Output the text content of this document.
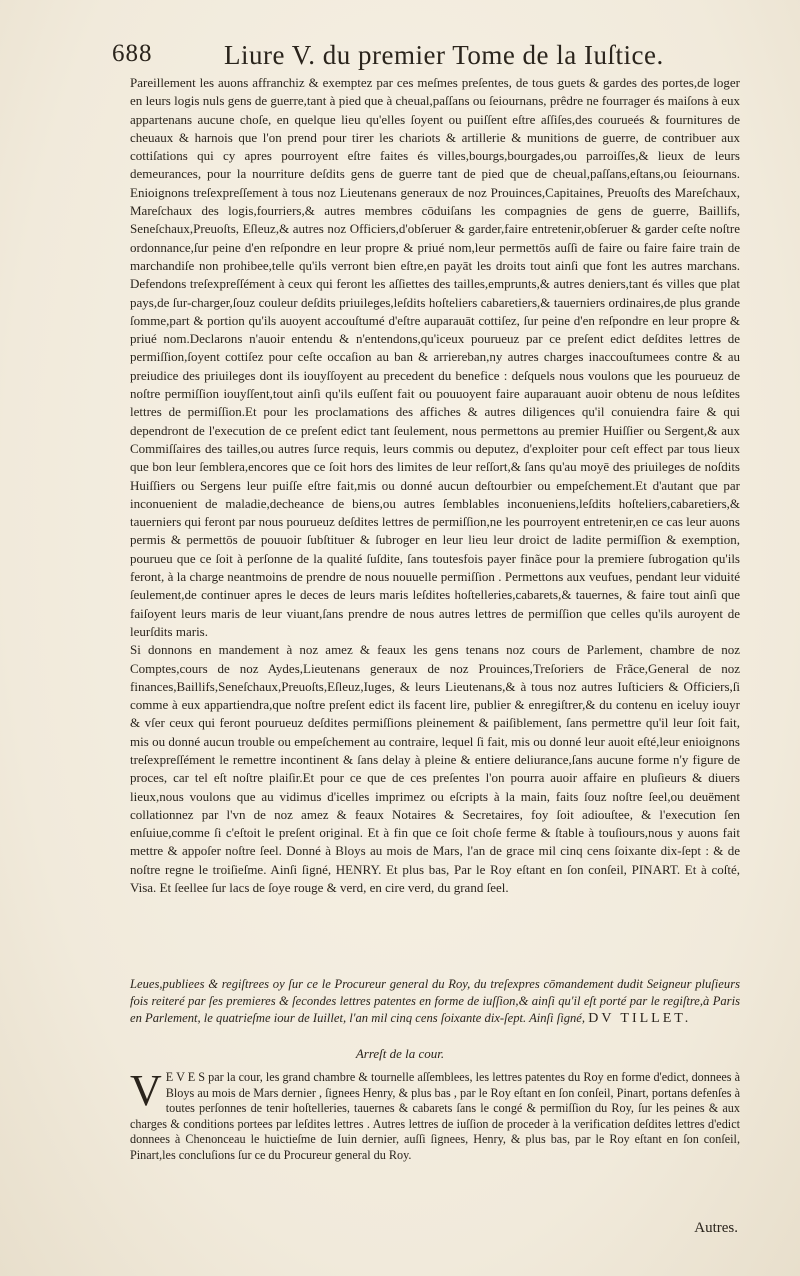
688	Liure V. du premier Tome de la Iuſtice.

Pareillement les auons affranchiz & exemptez par ces meſmes preſentes, de tous guets & gardes des portes,de loger en leurs logis nuls gens de guerre,tant à pied que à cheual,paſſans ou ſeiournans, prêdre ne fourrager és maiſons à eux appartenans aucune choſe, en quelque lieu qu'elles ſoyent ou puiſſent eſtre aſſiſes,des courueés & fournitures de cheuaux & harnois que l'on prend pour tirer les chariots & artillerie & munitions de guerre, de contribuer aux cottiſations qui cy apres pourroyent eſtre faites és villes,bourgs,bourgades,ou parroiſſes,& lieux de leurs demeurances, pour la nourriture deſdits gens de guerre tant de pied que de cheual,paſſans,eſtans,ou ſeiournans. Enioignons treſexpreſſement à tous noz Lieutenans generaux de noz Prouinces,Capitaines, Preuoſts des Mareſchaux, Mareſchaux des logis,fourriers,& autres membres cōduiſans les compagnies de gens de guerre, Baillifs, Seneſchaux,Preuoſts, Eſleuz,& autres noz Officiers,d'obſeruer & garder,faire entretenir,obſeruer & garder ceſte noſtre ordonnance,ſur peine d'en reſpondre en leur propre & priué nom,leur permettōs auſſi de faire ou faire faire train de marchandiſe non prohibee,telle qu'ils verront bien eſtre,en payāt les droits tout ainſi que font les autres marchans. Defendons treſexpreſſément à ceux qui feront les aſſiettes des tailles,emprunts,& autres deniers,tant és villes que plat pays,de ſur-charger,ſouz couleur deſdits priuileges,leſdits hoſteliers cabaretiers,& tauerniers ordinaires,de plus grande ſomme,part & portion qu'ils auoyent accouſtumé d'eſtre auparauāt cottiſez, ſur peine d'en reſpondre en leur propre & priué nom.Declarons n'auoir entendu & n'entendons,qu'iceux pourueuz par ce preſent edict deſdites lettres de permiſſion,ſoyent cottiſez pour ceſte occaſion au ban & arriereban,ny autres charges inaccouſtumees contre & au preiudice des priuileges dont ils iouyſſoyent au precedent du benefice : deſquels nous voulons que les pourueuz de noſtre permiſſion iouyſſent,tout ainſi qu'ils euſſent fait ou pouuoyent faire auparauant auoir obtenu de nous leſdites lettres de permiſſion.Et pour les proclamations des affiches & autres diligences qu'il conuiendra faire & qui dependront de l'execution de ce preſent edict tant ſeulement, nous permettons au premier Huiſſier ou Sergent,& aux Commiſſaires des tailles,ou autres ſurce requis, leurs commis ou deputez, d'exploiter pour ceſt effect par tous lieux que bon leur ſemblera,encores que ce ſoit hors des limites de leur reſſort,& ſans qu'au moyē des priuileges de noſdits Huiſſiers ou Sergens leur puiſſe eſtre fait,mis ou donné aucun deſtourbier ou empeſchement.Et d'autant que par inconuenient de maladie,decheance de biens,ou autres ſemblables inconueniens,leſdits hoſteliers,cabaretiers,& tauerniers qui feront par nous pourueuz deſdites lettres de permiſſion,ne les pourroyent entretenir,en ce cas leur auons permis & permettōs de pouuoir ſubſtituer & ſubroger en leur lieu leur droict de ladite permiſſion & exemption, pourueu que ce ſoit à perſonne de la qualité ſuſdite, ſans toutesfois payer finãce pour la premiere ſubrogation qu'ils feront, à la charge neantmoins de prendre de nous nouuelle permiſſion . Permettons aux veufues, pendant leur viduité ſeulement,de continuer apres le deces de leurs maris leſdites hoſtelleries,cabarets,& tauernes, & faire tout ainſi que faiſoyent leurs maris de leur viuant,ſans prendre de nous autres lettres de permiſſion que celles qu'ils auroyent de leurſdits maris.

Si donnons en mandement à noz amez & feaux les gens tenans noz cours de Parlement, chambre de noz Comptes,cours de noz Aydes,Lieutenans generaux de noz Prouinces,Treſoriers de Frãce,General de noz finances,Baillifs,Seneſchaux,Preuoſts,Eſleuz,Iuges, & leurs Lieutenans,& à tous noz autres Iuſticiers & Officiers,ſi comme à eux appartiendra,que noſtre preſent edict ils facent lire, publier & enregiſtrer,& du contenu en iceluy iouyr & vſer ceux qui feront pourueuz deſdites permiſſions pleinement & paiſiblement, ſans permettre qu'il leur ſoit fait, mis ou donné aucun trouble ou empeſchement au contraire, lequel ſi fait, mis ou donné leur auoit eſté,leur enioignons treſexpreſſément le remettre incontinent & ſans delay à pleine & entiere deliurance,ſans aucune forme n'y figure de proces, car tel eſt noſtre plaiſir.Et pour ce que de ces preſentes l'on pourra auoir affaire en pluſieurs & diuers lieux,nous voulons que au vidimus d'icelles imprimez ou eſcripts à la main, faits ſouz noſtre ſeel,ou deuëment collationnez par l'vn de noz amez & feaux Notaires & Secretaires, foy ſoit adiouſtee, & l'execution ſen enſuiue,comme ſi c'eſtoit le preſent original. Et à fin que ce ſoit choſe ferme & ſtable à touſiours,nous y auons fait mettre & appoſer noſtre ſeel. Donné à Bloys au mois de Mars, l'an de grace mil cinq cens ſoixante dix-ſept : & de noſtre regne le troiſieſme. Ainſi ſigné, HENRY. Et plus bas, Par le Roy eſtant en ſon conſeil, PINART. Et à coſté, Visa. Et ſeellee ſur lacs de ſoye rouge & verd, en cire verd, du grand ſeel.

Leues,publiees & regiſtrees oy ſur ce le Procureur general du Roy, du treſexpres cōmandement dudit Seigneur pluſieurs fois reiteré par ſes premieres & ſecondes lettres patentes en forme de iuſſion,& ainſi qu'il eſt porté par le regiſtre,à Paris en Parlement, le quatrieſme iour de Iuillet, l'an mil cinq cens ſoixante dix-ſept. Ainſi ſigné, DV TILLET.
Arreſt de la cour.
V E V E S par la cour, les grand chambre & tournelle aſſemblees, les lettres patentes du Roy en forme d'edict, donnees à Bloys au mois de Mars dernier , ſignees Henry, & plus bas , par le Roy eſtant en ſon conſeil, Pinart, portans defenſes à toutes perſonnes de tenir hoſtelleries, tauernes & cabarets ſans le congé & permiſſion du Roy, ſur les peines & aux charges & conditions portees par leſdites lettres . Autres lettres de iuſſion de proceder à la verification deſdites lettres d'edict donnees à Chenonceau le huictieſme de Iuin dernier, auſſi ſignees, Henry, & plus bas, par le Roy eſtant en ſon conſeil, Pinart,les concluſions ſur ce du Procureur general du Roy.
Autres.
